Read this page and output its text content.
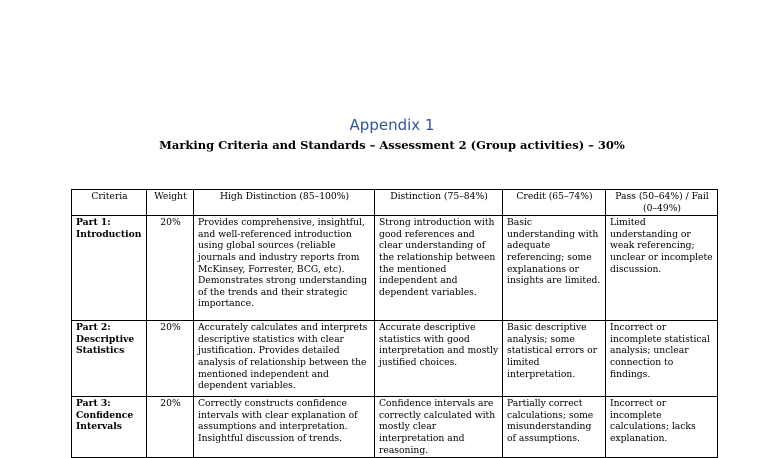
Appendix 1
Marking Criteria and Standards – Assessment 2 (Group activities) – 30%
Criteria	Weight	High Distinction (85–100%)	Distinction (75–84%)	Credit (65–74%)	Pass (50–64%) / Fail (0–49%)
Part 1: Introduction	20%	Provides comprehensive, insightful, and well-referenced introduction using global sources (reliable journals and industry reports from McKinsey, Forrester, BCG, etc). Demonstrates strong understanding of the trends and their strategic importance.	Strong introduction with good references and clear understanding of the relationship between the mentioned independent and dependent variables.	Basic understanding with adequate referencing; some explanations or insights are limited.	Limited understanding or weak referencing; unclear or incomplete discussion.
Part 2: Descriptive Statistics	20%	Accurately calculates and interprets descriptive statistics with clear justification. Provides detailed analysis of relationship between the mentioned independent and dependent variables.	Accurate descriptive statistics with good interpretation and mostly justified choices.	Basic descriptive analysis; some statistical errors or limited interpretation.	Incorrect or incomplete statistical analysis; unclear connection to findings.
Part 3: Confidence Intervals	20%	Correctly constructs confidence intervals with clear explanation of assumptions and interpretation. Insightful discussion of trends.	Confidence intervals are correctly calculated with mostly clear interpretation and reasoning.	Partially correct calculations; some misunderstanding of assumptions.	Incorrect or incomplete calculations; lacks explanation.
